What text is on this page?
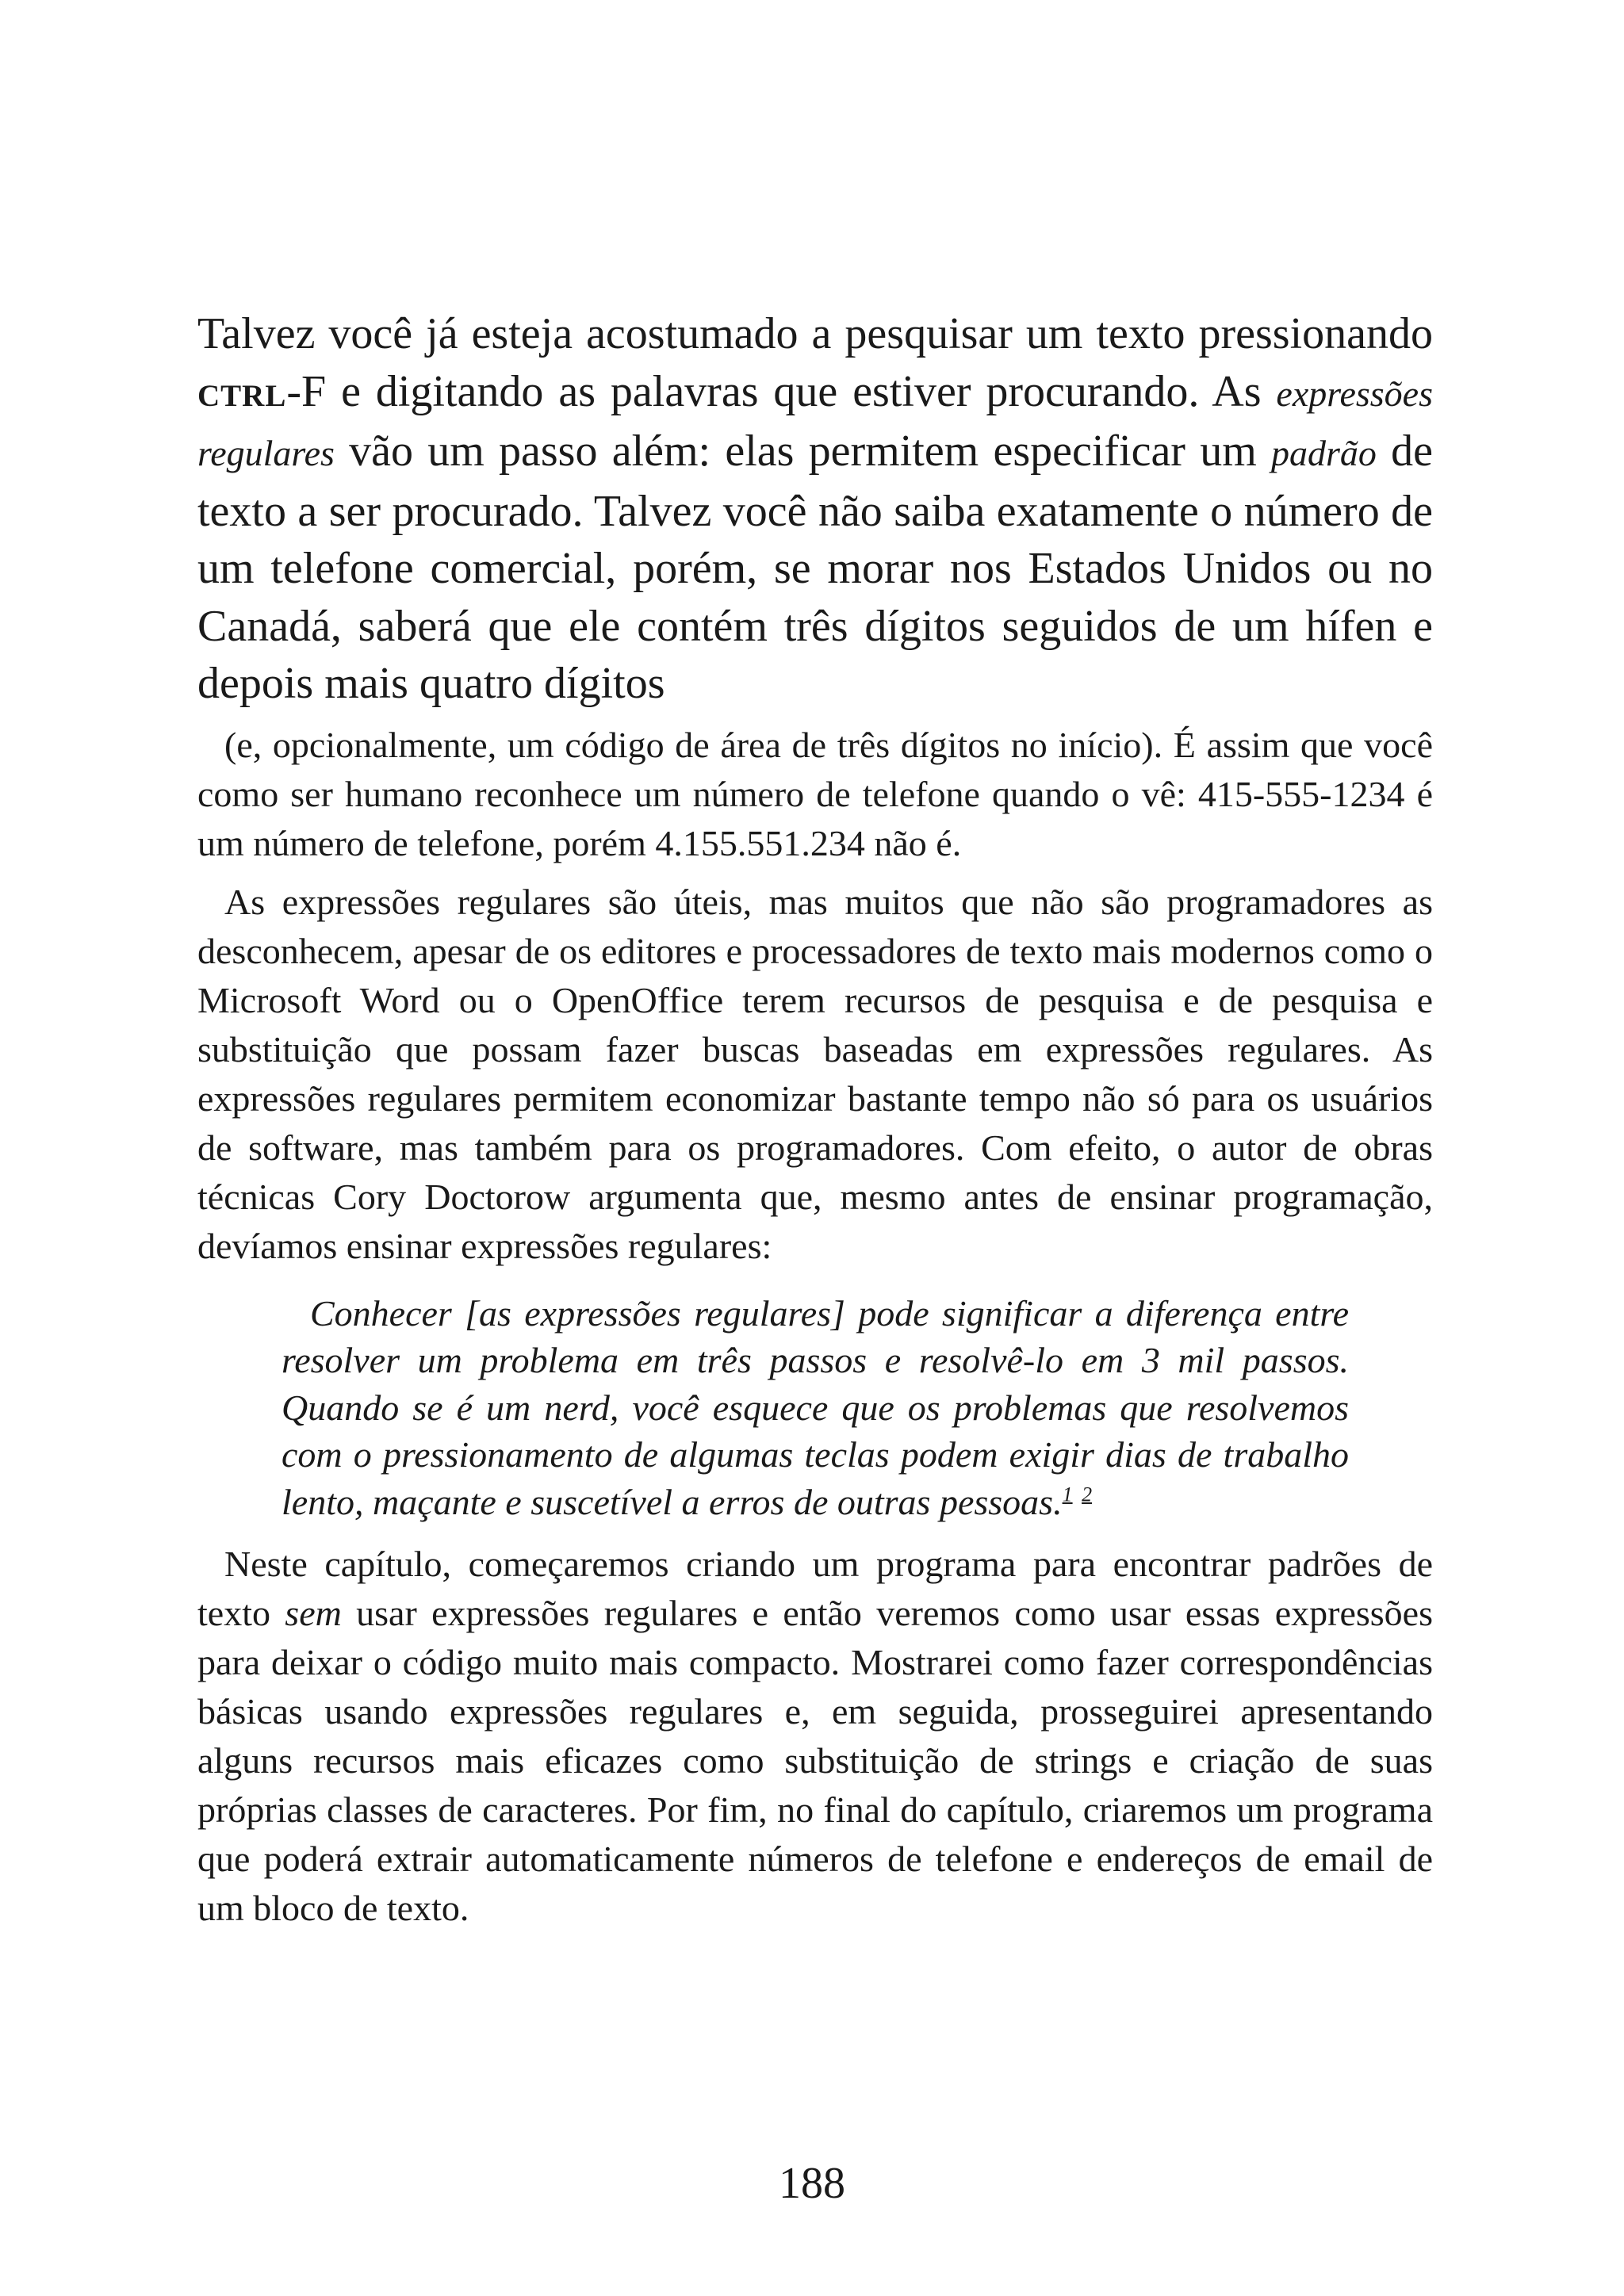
Talvez você já esteja acostumado a pesquisar um texto pressionando ctrl-F e digitando as palavras que estiver procurando. As expressões regulares vão um passo além: elas permitem especificar um padrão de texto a ser procurado. Talvez você não saiba exatamente o número de um telefone comercial, porém, se morar nos Estados Unidos ou no Canadá, saberá que ele contém três dígitos seguidos de um hífen e depois mais quatro dígitos

(e, opcionalmente, um código de área de três dígitos no início). É assim que você como ser humano reconhece um número de telefone quando o vê: 415-555-1234 é um número de telefone, porém 4.155.551.234 não é.

As expressões regulares são úteis, mas muitos que não são programadores as desconhecem, apesar de os editores e processadores de texto mais modernos como o Microsoft Word ou o OpenOffice terem recursos de pesquisa e de pesquisa e substituição que possam fazer buscas baseadas em expressões regulares. As expressões regulares permitem economizar bastante tempo não só para os usuários de software, mas também para os programadores. Com efeito, o autor de obras técnicas Cory Doctorow argumenta que, mesmo antes de ensinar programação, devíamos ensinar expressões regulares:

Conhecer [as expressões regulares] pode significar a diferença entre resolver um problema em três passos e resolvê-lo em 3 mil passos. Quando se é um nerd, você esquece que os problemas que resolvemos com o pressionamento de algumas teclas podem exigir dias de trabalho lento, maçante e suscetível a erros de outras pessoas.$^1$ $^2$

Neste capítulo, começaremos criando um programa para encontrar padrões de texto sem usar expressões regulares e então veremos como usar essas expressões para deixar o código muito mais compacto. Mostrarei como fazer correspondências básicas usando expressões regulares e, em seguida, prosseguirei apresentando alguns recursos mais eficazes como substituição de strings e criação de suas próprias classes de caracteres. Por fim, no final do capítulo, criaremos um programa que poderá extrair automaticamente números de telefone e endereços de email de um bloco de texto.

188
